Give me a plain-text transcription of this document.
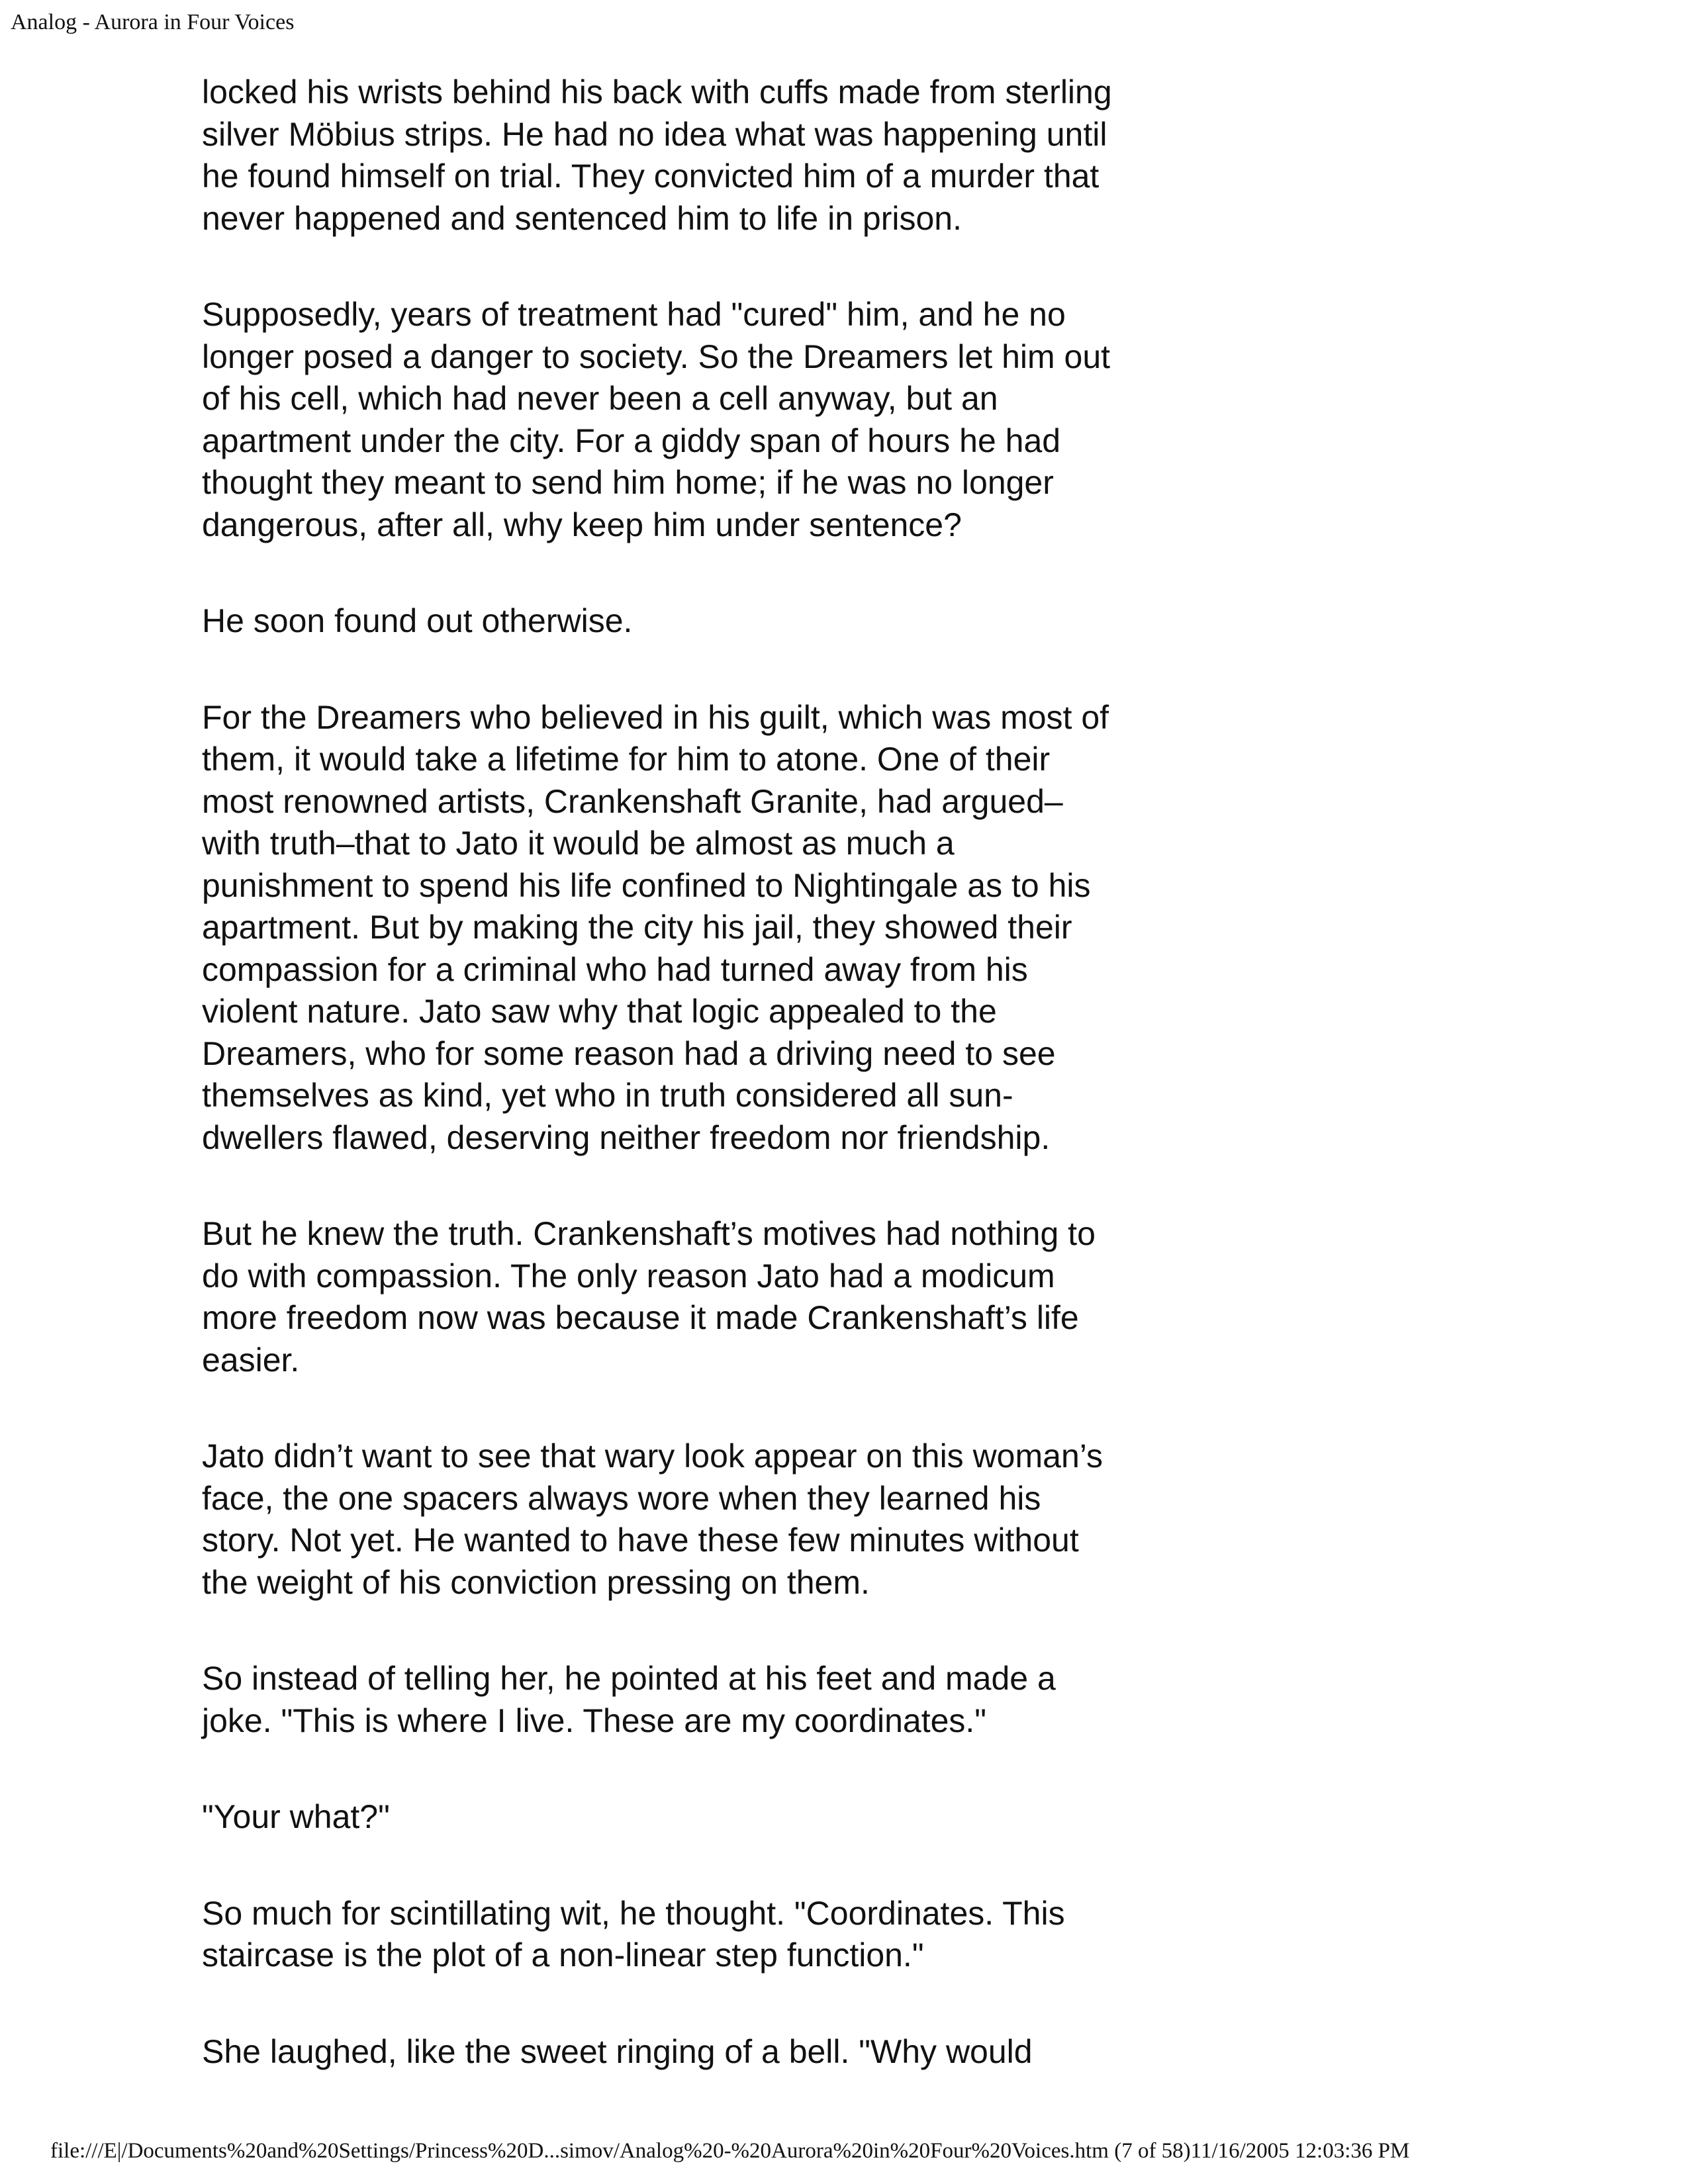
Analog - Aurora in Four Voices

locked his wrists behind his back with cuffs made from sterling
silver Möbius strips. He had no idea what was happening until
he found himself on trial. They convicted him of a murder that
never happened and sentenced him to life in prison.

Supposedly, years of treatment had "cured" him, and he no
longer posed a danger to society. So the Dreamers let him out
of his cell, which had never been a cell anyway, but an
apartment under the city. For a giddy span of hours he had
thought they meant to send him home; if he was no longer
dangerous, after all, why keep him under sentence?

He soon found out otherwise.

For the Dreamers who believed in his guilt, which was most of
them, it would take a lifetime for him to atone. One of their
most renowned artists, Crankenshaft Granite, had argued–
with truth–that to Jato it would be almost as much a
punishment to spend his life confined to Nightingale as to his
apartment. But by making the city his jail, they showed their
compassion for a criminal who had turned away from his
violent nature. Jato saw why that logic appealed to the
Dreamers, who for some reason had a driving need to see
themselves as kind, yet who in truth considered all sun-
dwellers flawed, deserving neither freedom nor friendship.

But he knew the truth. Crankenshaft’s motives had nothing to
do with compassion. The only reason Jato had a modicum
more freedom now was because it made Crankenshaft’s life
easier.

Jato didn’t want to see that wary look appear on this woman’s
face, the one spacers always wore when they learned his
story. Not yet. He wanted to have these few minutes without
the weight of his conviction pressing on them.

So instead of telling her, he pointed at his feet and made a
joke. "This is where I live. These are my coordinates."

"Your what?"

So much for scintillating wit, he thought. "Coordinates. This
staircase is the plot of a non-linear step function."

She laughed, like the sweet ringing of a bell. "Why would

file:///E|/Documents%20and%20Settings/Princess%20D...simov/Analog%20-%20Aurora%20in%20Four%20Voices.htm (7 of 58)11/16/2005 12:03:36 PM
